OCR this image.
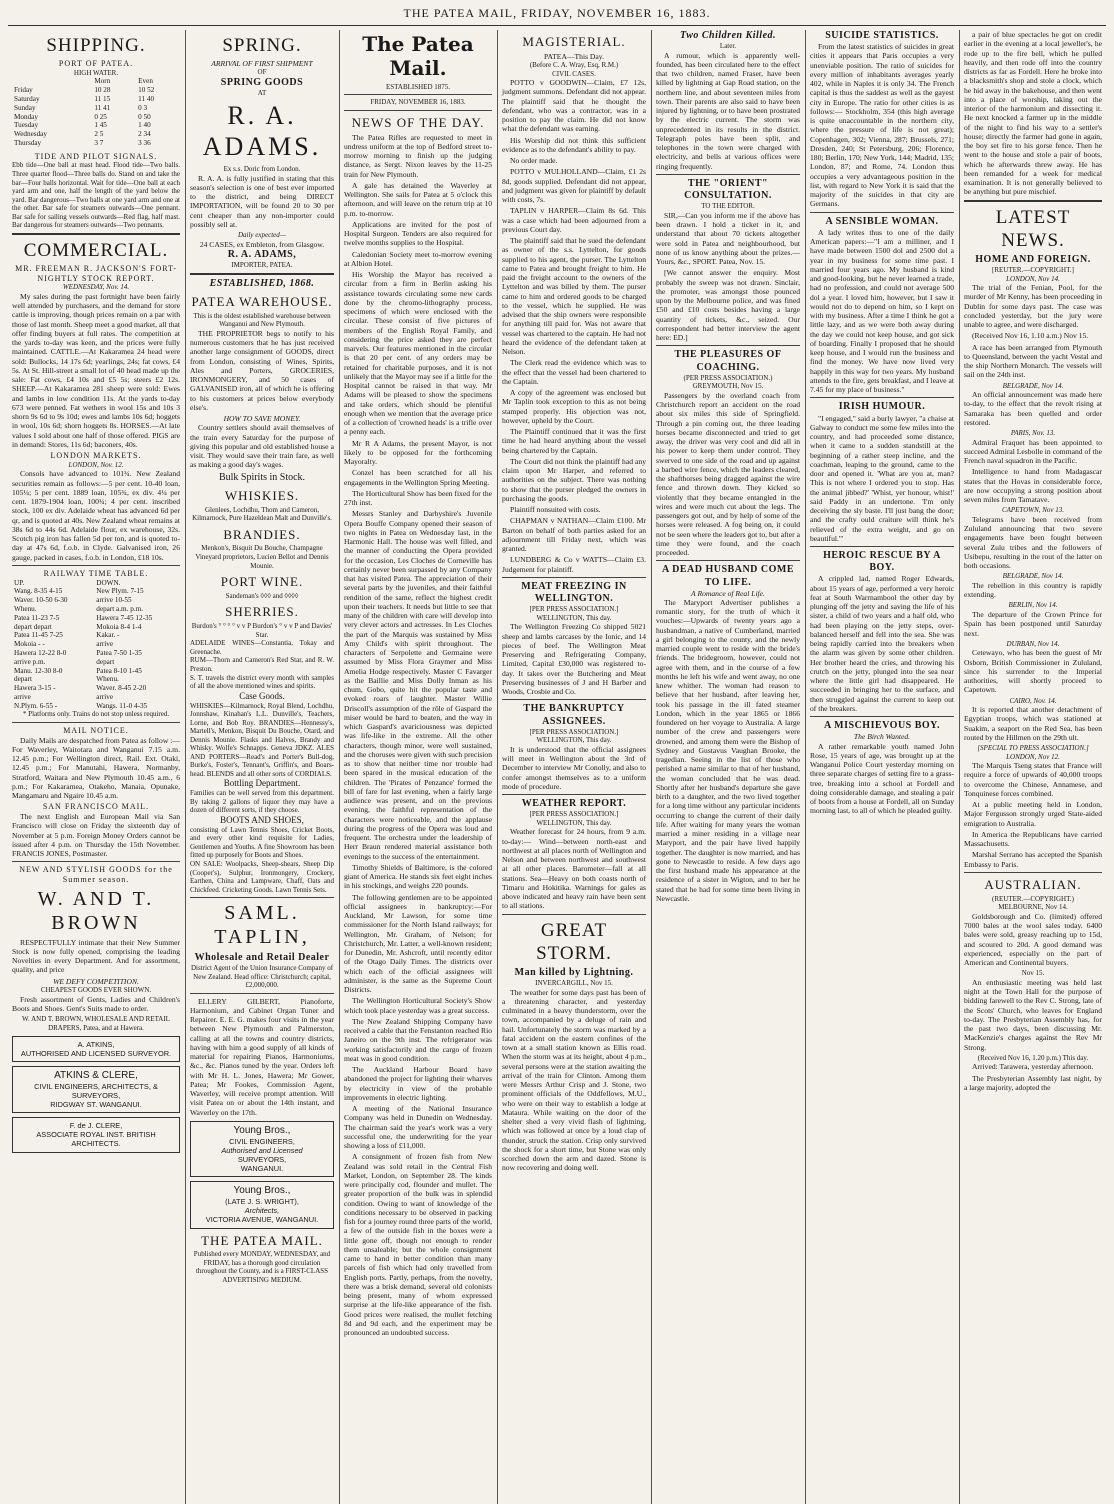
THE PATEA MAIL, FRIDAY, NOVEMBER 16, 1883.
SHIPPING.
PORT OF PATEA.
HIGH WATER.
	Morn	Even
Friday	10 28	10 52
Saturday	11 15	11 40
Sunday	11 41	0 3
Monday	0 25	0 50
Tuesday	1 45	1 40
Wednesday	2 5	2 34
Thursday	3 7	3 36
TIDE AND PILOT SIGNALS.
Ebb tide—One ball at mast head. Flood tide—Two balls. Three quarter flood—Three balls do. Stand on and take the bar—Four balls horizontal. Wait for tide—One ball at each yard arm and one, half the length of the yard below the yard. Bar dangerous—Two balls at one yard arm and one at the other. Bar safe for steamers outwards—One pennant. Bar safe for sailing vessels outwards—Red flag, half mast. Bar dangerous for steamers outwards—Two pennants.
COMMERCIAL.
MR. FREEMAN R. JACKSON'S FORT-NIGHTLY STOCK REPORT.
WEDNESDAY, Nov. 14.

My sales during the past fortnight have been fairly well attended by purchasers, and the demand for store cattle is improving, though prices remain on a par with those of last month. Sheep meet a good market, all that offer finding buyers at full rates. The competition at the yards to-day was keen, and the prices were fully maintained. CATTLE.—At Kakaramea 24 head were sold: Bullocks, 14 17s 6d; yearlings, 24s; fat cows, £4 5s. At St. Hill-street a small lot of 40 head made up the sale: Fat cows, £4 10s and £5 5s; steers £2 12s. SHEEP.—At Kakaramea 281 sheep were sold: Ewes and lambs in low condition 11s. At the yards to-day 673 were penned. Fat wethers in wool 15s and 10s 3 shorn 9s 6d to 9s 10d; ewes and lambs 10s 6d; hoggets in wool, 10s 6d; shorn hoggets 8s. HORSES.—At late values I sold about one half of those offered. PIGS are in demand: Stores, 11s 6d; baconers, 40s.

LONDON MARKETS.
LONDON, Nov. 12.

Consols have advanced to 101¾. New Zealand securities remain as follows:—5 per cent. 10-40 loan, 105¼; 5 per cent. 1889 loan, 105¾, ex div. 4¼ per cent. 1879-1904 loan, 100¾; 4 per cent. inscribed stock, 100 ex div. Adelaide wheat has advanced 6d per qr, and is quoted at 40s. New Zealand wheat remains at 38s 6d to 44s 6d. Adelaide flour, ex warehouse, 32s. Scotch pig iron has fallen 5d per ton, and is quoted to-day at 47s 6d, f.o.b. in Clyde. Galvanised iron, 26 gauge, packed in cases, f.o.b. in London, £18 10s.

RAILWAY TIME TABLE.
UP.	DOWN.
Wang. 8-35 4-15	New Plym. 7-15
Waver. 10-50 6-30	arrive 10-55
Whenu.	depart a.m. p.m.
Patea 11-23 7-5	Hawera 7-45 12-35
depart depart	Mokoia 8-4 1-4
Patea 11-45 7-25	Kakar. -
Mokoia - -	arrive
Hawera 12-22 8-0	Patea 7-50 1-35
arrive p.m.	depart
Manu. 12-30 8-0	Patea 8-10 1-45
depart	Whenu.
Hawera 3-15 -	Waver. 8-45 2-20
arrive	arrive
N.Plym. 6-55 -	Wangs. 11-0 4-35
* Platforms only. Trains do not stop unless required.
MAIL NOTICE.

Daily Mails are despatched from Patea as follow :—For Waverley, Waitotara and Wanganui 7.15 a.m. 12.45 p.m.; For Wellington direct, Rail. Ext. Otaki, 12.45 p.m.; For Manutahi, Hawera, Normanby, Stratford, Waitara and New Plymouth 10.45 a.m., 6 p.m.; For Kakaramea, Otakeho, Manaia, Opunake, Mangamaru and Ngaire 10.45 a.m.

SAN FRANCISCO MAIL.

The next English and European Mail via San Francisco will close on Friday the sixteenth day of November at 5 p.m. Foreign Money Orders cannot be issued after 4 p.m. on Thursday the 15th November. FRANCIS JONES, Postmaster.

NEW AND STYLISH GOODS for the Summer season.
W. AND T. BROWN

RESPECTFULLY intimate that their New Summer Stock is now fully opened, comprising the leading Novelties in every Department. And for assortment, quality, and price

WE DEFY COMPETITION.
CHEAPEST GOODS EVER SHOWN.

Fresh assortment of Gents, Ladies and Children's Boots and Shoes. Gent's Suits made to order.

W. AND T. BROWN, WHOLESALE AND RETAIL DRAPERS, Patea, and at Hawera.
A. ATKINS,
AUTHORISED AND LICENSED SURVEYOR.
ATKINS & CLERE,
CIVIL ENGINEERS, ARCHITECTS, & SURVEYORS,
RIDGWAY ST. WANGANUI.
F. de J. CLERE,
ASSOCIATE ROYAL INST. BRITISH ARCHITECTS.
SPRING.
ARRIVAL OF FIRST SHIPMENT
OF
SPRING GOODS
AT
R. A. ADAMS.
Ex s.s. Doric from London.

R. A. A. is fully justified in stating that this season's selection is one of best ever imported to the district, and being DIRECT IMPORTATION, will be found 20 to 30 per cent cheaper than any non-importer could possibly sell at.

Daily expected—
24 CASES, ex Embleton, from Glasgow.
R. A. ADAMS,
IMPORTER, PATEA.
ESTABLISHED, 1868.
PATEA WAREHOUSE.
This is the oldest established warehouse between Wanganui and New Plymouth.

THE PROPRIETOR begs to notify to his numerous customers that he has just received another large consignment of GOODS, direct from London, consisting of Wines, Spirits, Ales and Porters, GROCERIES, IRONMONGERY, and 50 cases of GALVANISED iron, all of which he is offering to his customers at prices below everybody else's.

HOW TO SAVE MONEY.

Country settlers should avail themselves of the train every Saturday for the purpose of giving this popular and old established house a visit. They would save their train fare, as well as making a good day's wages.

Bulk Spirits in Stock.
WHISKIES.
Glenlees, Lochdhu, Thom and Cameron, Kilmarnock, Pure Hazeldean Malt and Dunville's.
BRANDIES.
Menkon's, Bisquit Du Bouche, Champagne Vineyard proprietors, Lucien Bellot and Dennis Mounie.
PORT WINE.
Sandeman's ◊◊◊ and ◊◊◊◊
SHERRIES.
Burdon's ° ° ° ° v v P Burdon's ° v v P and Davies' Star.
ADELAIDE WINES—Constantia, Tokay and Greenache.
RUM—Thorn and Cameron's Red Star, and R. W. Preston.
S. T. travels the district every month with samples of all the above mentioned wines and spirits.
Case Goods.
WHISKIES—Kilmarnock, Royal Blend, Lochdhu, Jonnshaw, Kinahan's L.L. Dunville's, Teachers, Lorne, and Bob Roy. BRANDIES—Hennessy's, Martell's, Menkon, Bisquit Du Bouche, Otard, and Dennis Mounie. Flasks and Halves, Brandy and Whisky. Wolfe's Schnapps. Geneva JDKZ. ALES AND PORTERS—Read's and Porter's Bull-dog, Burke's, Foster's, Tennant's, Griffin's, and Boars-head. BLENDS and all other sorts of CORDIALS.
Bottling Department.
Families can be well served from this department. By taking 2 gallons of liquor they may have a dozen of different sorts, if they choose.
BOOTS AND SHOES,
consisting of Lawn Tennis Shoes, Cricket Boots, and every other kind requisite for Ladies, Gentlemen and Youths. A fine Showroom has been fitted up purposely for Boots and Shoes.
ON SALE: Woolpacks, Sheep-shears, Sheep Dip (Cooper's), Sulphur, Ironmongery, Crockery, Earthen, China and Lampware, Chaff, Oats and Chickfeed. Cricketing Goods. Lawn Tennis Sets.
SAML. TAPLIN,
Wholesale and Retail Dealer
District Agent of the Union Insurance Company of New Zealand. Head office: Christchurch; capital, £2,000,000.

ELLERY GILBERT, Pianoforte, Harmonium, and Cabinet Organ Tuner and Repairer. E. E. G. makes four visits in the year between New Plymouth and Palmerston, calling at all the towns and country districts, having with him a good supply of all kinds of material for repairing Pianos, Harmoniums, &c., &c. Pianos tuned by the year. Orders left with Mr H. L. Jones, Hawera; Mr Gower, Patea; Mr Fookes, Commission Agent, Waverley, will receive prompt attention. Will visit Patea on or about the 14th instant, and Waverley on the 17th.

Young Bros.,
CIVIL ENGINEERS,
Authorised and Licensed
SURVEYORS,
WANGANUI.
Young Bros.,
(LATE J. S. WRIGHT),
Architects,
VICTORIA AVENUE, WANGANUI.
THE PATEA MAIL.
Published every MONDAY, WEDNESDAY, and FRIDAY, has a thorough good circulation throughout the County, and is a FIRST-CLASS ADVERTISING MEDIUM.
The Patea Mail.
ESTABLISHED 1875.
FRIDAY, NOVEMBER 16, 1883.
NEWS OF THE DAY.

The Patea Rifles are requested to meet in undress uniform at the top of Bedford street to-morrow morning to finish up the judging distance, as Sergt. Nixon leaves by the 11-25 train for New Plymouth.

A gale has detained the Waverley at Wellington. She sails for Patea at 5 o'clock this afternoon, and will leave on the return trip at 10 p.m. to-morrow.

Applications are invited for the post of Hospital Surgeon. Tenders are also required for twelve months supplies to the Hospital.

Caledonian Society meet to-morrow evening at Albion Hotel.

His Worship the Mayor has received a circular from a firm in Berlin asking his assistance towards circulating some new cards done by the chromo-lithography process, specimens of which were enclosed with the circular. These consist of five pictures of members of the English Royal Family, and considering the price asked they are perfect marvels. Our features mentioned in the circular is that 20 per cent. of any orders may be retained for charitable purposes, and it is not unlikely that the Mayor may see if a little for the Hospital cannot be raised in that way. Mr Adams will be pleased to show the specimens and take orders, which should be plentiful enough when we mention that the average price of a collection of 'crowned heads' is a trifle over a penny each.

Mr R A Adams, the present Mayor, is not likely to be opposed for the forthcoming Mayoralty.

Conzel has been scratched for all his engagements in the Wellington Spring Meeting.

The Horticultural Show has been fixed for the 27th inst.

Messrs Stanley and Darbyshire's Juvenile Opera Bouffe Company opened their season of two nights in Patea on Wednesday last, in the Harmonic Hall. The house was well filled, and the manner of conducting the Opera provided for the occasion, Les Cloches de Corneville has certainly never been surpassed by any Company that has visited Patea. The appreciation of their several parts by the juveniles, and their faithful rendition of the same, reflect the highest credit upon their teachers. It needs but little to see that many of the children with care will develop into very clever actors and actresses. In Les Cloches the part of the Marquis was sustained by Miss Amy Child's with spirit throughout. The characters of Serpolette and Germaine were assumed by Miss Flora Graymer and Miss Amelia Hodge respectively. Master C Favarger as the Baillie and Miss Dolly Inman as his chum, Gobo, quite hit the popular taste and evoked roars of laughter. Master Willie Driscoll's assumption of the rôle of Gaspard the miser would be hard to beaten, and the way in which Gaspard's avariciousness was depicted was life-like in the extreme. All the other characters, though minor, were well sustained, and the choruses were given with such precision as to show that neither time nor trouble had been spared in the musical education of the children. The 'Pirates of Penzance' formed the bill of fare for last evening, when a fairly large audience was present, and on the previous evening, the faithful representation of the characters were noticeable, and the applause during the progress of the Opera was loud and frequent. The orchestra under the leadership of Herr Braun rendered material assistance both evenings to the success of the entertainment.

Timothy Shields of Baltimore, is the colored giant of America. He stands six feet eight inches in his stockings, and weighs 220 pounds.

The following gentlemen are to be appointed official assignees in bankruptcy:—For Auckland, Mr Lawson, for some time commissioner for the North Island railways; for Wellington, Mr. Graham, of Nelson; for Christchurch, Mr. Latter, a well-known resident; for Dunedin, Mr. Ashcroft, until recently editor of the Otago Daily Times. The districts over which each of the official assignees will administer, is the same as the Supreme Court Districts.

The Wellington Horticultural Society's Show which took place yesterday was a great success.

The New Zealand Shipping Company have received a cable that the Fenstanton reached Rio Janeiro on the 9th inst. The refrigerator was working satisfactorily and the cargo of frozen meat was in good condition.

The Auckland Harbour Board have abandoned the project for lighting their wharves by electricity in view of the probable improvements in electric lighting.

A meeting of the National Insurance Company was held in Dunedin on Wednesday. The chairman said the year's work was a very successful one, the underwriting for the year showing a loss of £11,000.

A consignment of frozen fish from New Zealand was sold retail in the Central Fish Market, London, on September 28. The kinds were principally cod, flounder and mullet. The greater proportion of the bulk was in splendid condition. Owing to want of knowledge of the conditions necessary to be observed in packing fish for a journey round three parts of the world, a few of the outside fish in the boxes were a little gone off, though not enough to render them unsaleable; but the whole consignment came to hand in better condition than many parcels of fish which had only travelled from English ports. Partly, perhaps, from the novelty, there was a brisk demand, several old colonists being present, many of whom expressed surprise at the life-like appearance of the fish. Good prices were realised, the mullet fetching 8d and 9d each, and the experiment may be pronounced an undoubted success.

MAGISTERIAL.
PATEA—This Day.
(Before C. A. Wray, Esq, R.M.)
CIVIL CASES.

POTTO v GOODWIN—Claim, £7 12s, judgment summons. Defendant did not appear. The plaintiff said that he thought the defendant, who was a contractor, was in a position to pay the claim. He did not know what the defendant was earning.

His Worship did not think this sufficient evidence as to the defendant's ability to pay.

No order made.

POTTO v MULHOLLAND—Claim, £1 2s 8d, goods supplied. Defendant did not appear, and judgment was given for plaintiff by default with costs, 7s.

TAPLIN v HARPER—Claim 8s 6d. This was a case which had been adjourned from a previous Court day.

The plaintiff said that he sued the defendant as owner of the s.s. Lyttelton, for goods supplied to his agent, the purser. The Lyttelton came to Patea and brought freight to him. He paid the freight account to the owners of the Lyttelton and was billed by them. The purser came to him and ordered goods to be charged to the vessel, which he supplied. He was advised that the ship owners were responsible for anything till paid for. Was not aware that vessel was chartered to the captain. He had not heard the evidence of the defendant taken at Nelson.

The Clerk read the evidence which was to the effect that the vessel had been chartered to the Captain.

A copy of the agreement was enclosed but Mr Taplin took exception to this as not being stamped properly. His objection was not, however, upheld by the Court.

The Plaintiff continued that it was the first time he had heard anything about the vessel being chartered by the Captain.

The Court did not think the plaintiff had any claim upon Mr Harper, and referred to authorities on the subject. There was nothing to show that the purser pledged the owners in purchasing the goods.

Plaintiff nonsuited with costs.

CHAPMAN v NATHAN—Claim £100. Mr Barton on behalf of both parties asked for an adjournment till Friday next, which was granted.

LUNDBERG & Co v WATTS—Claim £3. Judgement for plaintiff.

MEAT FREEZING IN WELLINGTON.
[PER PRESS ASSOCIATION.]
WELLINGTON, This day.

The Wellington Freezing Co shipped 5021 sheep and lambs carcases by the Ionic, and 14 pieces of beef. The Wellington Meat Preserving and Refrigerating Company, Limited, Capital £30,000 was registered to-day. It takes over the Butchering and Meat Preserving businesses of J and H Barber and Woods, Crosbie and Co.

THE BANKRUPTCY ASSIGNEES.
[PER PRESS ASSOCIATION.]
WELLINGTON, This day.

It is understood that the official assignees will meet in Wellington about the 3rd of December to interview Mr Conolly, and also to confer amongst themselves as to a uniform mode of procedure.

WEATHER REPORT.
[PER PRESS ASSOCIATION.]
WELLINGTON, This day.

Weather forecast for 24 hours, from 9 a.m. to-day:— Wind—between north-east and northwest at all places north of Wellington and Nelson and between northwest and southwest at all other places. Barometer—fall at all stations. Sea—Heavy on both coasts north of Timaru and Hokitika. Warnings for gales as above indicated and heavy rain have been sent to all stations.

GREAT STORM.
Man killed by Lightning.
INVERCARGILL, Nov 15.

The weather for some days past has been of a threatening character, and yesterday culminated in a heavy thunderstorm, over the town, accompanied by a deluge of rain and hail. Unfortunately the storm was marked by a fatal accident on the eastern confines of the town at a small station known as Ellis road. When the storm was at its height, about 4 p.m., several persons were at the station awaiting the arrival of the train for Clinton. Among them were Messrs Arthur Crisp and J. Stone, two prominent officials of the Oddfellows, M.U., who were on their way to establish a lodge at Mataura. While waiting on the door of the shelter shed a very vivid flash of lightning, which was followed at once by a loud clap of thunder, struck the station. Crisp only survived the shock for a short time, but Stone was only scorched down the arm and dazed. Stone is now recovering and doing well.

Two Children Killed.
Later.

A rumour, which is apparently well-founded, has been circulated here to the effect that two children, named Fraser, have been killed by lightning at Gap Road station, on the northern line, and about seventeen miles from town. Their parents are also said to have been injured by lightning, or to have been prostrated by the electric current. The storm was unprecedented in its results in the district. Telegraph poles have been split, and telephones in the town were charged with electricity, and bells at various offices were ringing frequently.

THE "ORIENT" CONSULTATION.
TO THE EDITOR.

SIR,—Can you inform me if the above has been drawn. I hold a ticket in it, and understand that about 70 tickets altogether were sold in Patea and neighbourhood, but none of us know anything about the prizes.—Yours, &c., SPORT. Patea, Nov. 15.

[We cannot answer the enquiry. Most probably the sweep was not drawn. Sinclair, the promoter, was amongst those pounced upon by the Melbourne police, and was fined £50 and £10 costs besides having a large quantity of tickets, &c., seized. Our correspondent had better interview the agent here: ED.]

THE PLEASURES OF COACHING.
(PER PRESS ASSOCIATION.)
GREYMOUTH, Nov 15.

Passengers by the overland coach from Christchurch report an accident on the road about six miles this side of Springfield. Through a pin coming out, the three leading horses became disconnected and tried to get away, the driver was very cool and did all in his power to keep them under control. They swerved to one side of the road and up against a barbed wire fence, which the leaders cleared, the shafthorses being dragged against the wire fence and thrown down. They kicked so violently that they became entangled in the wires and were much cut about the legs. The passengers got out, and by help of some of the horses were released. A fog being on, it could not be seen where the leaders got to, but after a time they were found, and the coach proceeded.

A DEAD HUSBAND COME TO LIFE.
A Romance of Real Life.

The Maryport Advertiser publishes a romantic story, for the truth of which it vouches:—Upwards of twenty years ago a husbandman, a native of Cumberland, married a girl belonging to the county, and the newly married couple went to reside with the bride's friends. The bridegroom, however, could not agree with them, and in the course of a few months he left his wife and went away, no one knew whither. The woman had reason to believe that her husband, after leaving her, took his passage in the ill fated steamer London, which in the year 1865 or 1866 foundered on her voyage to Australia. A large number of the crew and passengers were drowned, and among them were the Bishop of Sydney and Gustavus Vaughan Brooke, the tragedian. Seeing in the list of those who perished a name similar to that of her husband, the woman concluded that he was dead. Shortly after her husband's departure she gave birth to a daughter, and the two lived together for a long time without any particular incidents occurring to change the current of their daily life. After waiting for many years the woman married a miner residing in a village near Maryport, and the pair have lived happily together. The daughter is now married, and has gone to Newcastle to reside. A few days ago the first husband made his appearance at the residence of a sister in Wigton, and to her he stated that he had for some time been living in Newcastle.

SUICIDE STATISTICS.

From the latest statistics of suicides in great cities it appears that Paris occupies a very unenviable position. The ratio of suicides for every million of inhabitants averages yearly 402, while in Naples it is only 34. The French capital is thus the saddest as well as the gayest city in Europe. The ratio for other cities is as follows:— Stockholm, 354 (this high average is quite unaccountable in the northern city, where the pressure of life is not great); Copenhagen, 302; Vienna, 287; Brussels, 271; Dresden, 240; St Petersburg, 206; Florence, 180; Berlin, 170; New York, 144; Madrid, 135; London, 87; and Rome, 74. London thus occupies a very advantageous position in the list, with regard to New York it is said that the majority of the suicides in that city are Germans.

A SENSIBLE WOMAN.

A lady writes thus to one of the daily American papers:—"I am a milliner, and I have made between 1500 dol and 2500 dol a year in my business for some time past. I married four years ago. My husband is kind and good-looking, but he never learned a trade, had no profession, and could not average 500 dol a year. I loved him, however, but I saw it would not do to depend on him, so I kept on with my business. After a time I think he got a little lazy, and as we were both away during the day we could not keep house, and got sick of boarding. Finally I proposed that he should keep house, and I would run the business and find the money. We have now lived very happily in this way for two years. My husband attends to the fire, gets breakfast, and I leave at 7.45 for my place of business."

IRISH HUMOUR.

"I engaged," said a burly lawyer, "a chaise at Galway to conduct me some few miles into the country, and had proceeded some distance, when it came to a sudden standstill at the beginning of a rather steep incline, and the coachman, leaping to the ground, came to the door and opened it. 'What are you at, man? This is not where I ordered you to stop. Has the animal jibbed?' 'Whist, yer honour, whist!' said Paddy in an undertone. 'I'm only deceiving the sly baste. I'll just bang the door; and the crafty ould craiture will think he's relieved of the extra weight, and go on beautiful.'"

HEROIC RESCUE BY A BOY.

A crippled lad, named Roger Edwards, about 15 years of age, performed a very heroic feat at South Warrnambool the other day by plunging off the jetty and saving the life of his sister, a child of two years and a half old, who had been playing on the jetty steps, over-balanced herself and fell into the sea. She was being rapidly carried into the breakers when the alarm was given by some other children. Her brother heard the cries, and throwing his crutch on the jetty, plunged into the sea near where the little girl had disappeared. He succeeded in bringing her to the surface, and then struggled against the current to keep out of the breakers.

A MISCHIEVOUS BOY.
The Birch Wanted.

A rather remarkable youth named John Rose, 15 years of age, was brought up at the Wanganui Police Court yesterday morning on three separate charges of setting fire to a grass-tree, breaking into a school at Fordell and doing considerable damage, and stealing a pair of boots from a house at Fordell, all on Sunday morning last, to all of which he pleaded guilty.

a pair of blue spectacles he got on credit earlier in the evening at a local jeweller's, he rode up to the fire bell, which he pulled heavily, and then rode off into the country districts as far as Fordell. Here he broke into a blacksmith's shop and stole a clock, which he hid away in the bakehouse, and then went into a place of worship, taking out the interior of the harmonium and dissecting it. He next knocked a farmer up in the middle of the night to find his way to a settler's house; directly the farmer had gone in again, the boy set fire to his gorse fence. Then he went to the house and stole a pair of boots, which he afterwards threw away. He has been remanded for a week for medical examination. It is not generally believed to be anything but pure mischief.

LATEST NEWS.
HOME AND FOREIGN.
[REUTER.—COPYRIGHT.]
LONDON, Nov 14.

The trial of the Fenian, Pool, for the murder of Mr Kenny, has been proceeding in Dublin for some days past. The case was concluded yesterday, but the jury were unable to agree, and were discharged.

(Received Nov 16, 1.10 a.m.) Nov 15.

A race has been arranged from Plymouth to Queensland, between the yacht Vestal and the ship Northern Monarch. The vessels will sail on the 24th inst.

BELGRADE, Nov 14.

An official announcement was made here to-day, to the effect that the revolt rising at Samaraka has been quelled and order restored.

PARIS, Nov. 13.

Admiral Fraquet has been appointed to succeed Admiral Lesbolle in command of the French naval squadron in the Pacific.

Intelligence to hand from Madagascar states that the Hovas in considerable force, are now occupying a strong position about seven miles from Tamatave.

CAPETOWN, Nov 13.

Telegrams have been received from Zululand announcing that two severe engagements have been fought between several Zulu tribes and the followers of Usibepu, resulting in the rout of the latter on both occasions.

BELGRADE, Nov 14.

The rebellion in this country is rapidly extending.

BERLIN, Nov 14.

The departure of the Crown Prince for Spain has been postponed until Saturday next.

DURBAN, Nov 14.

Cetewayo, who has been the guest of Mr Osborn, British Commissioner in Zululand, since his surrender to the Imperial authorities, will shortly proceed to Capetown.

CAIRO, Nov. 14.

It is reported that another detachment of Egyptian troops, which was stationed at Suakim, a seaport on the Red Sea, has been routed by the Hillmen on the 29th ult.

[SPECIAL TO PRESS ASSOCIATION.] LONDON, Nov 12.

The Marquis Tseng states that France will require a force of upwards of 40,000 troops to overcome the Chinese, Annamese, and Tonquinese forces combined.

At a public meeting held in London, Major Fergusson strongly urged State-aided emigration to Australia.

In America the Republicans have carried Massachusetts.

Marshal Serrano has accepted the Spanish Embassy to Paris.

AUSTRALIAN.
(REUTER.—COPYRIGHT.)
MELBOURNE, Nov 14.

Goldsborough and Co. (limited) offered 7000 bales at the wool sales today. 6400 bales were sold, greasy reaching up to 15d, and scoured to 20d. A good demand was experienced, especially on the part of American and Continental buyers.

Nov 15.

An enthusiastic meeting was held last night at the Town Hall for the purpose of bidding farewell to the Rev C. Strong, late of the Scots' Church, who leaves for England to-day. The Presbyterian Assembly has, for the past two days, been discussing Mr. MacKenzie's charges against the Rev Mr Strong.

(Received Nov 16, 1.20 p.m.) This day.

Arrived: Tarawera, yesterday afternoon.

The Presbyterian Assembly last night, by a large majority, adopted the
